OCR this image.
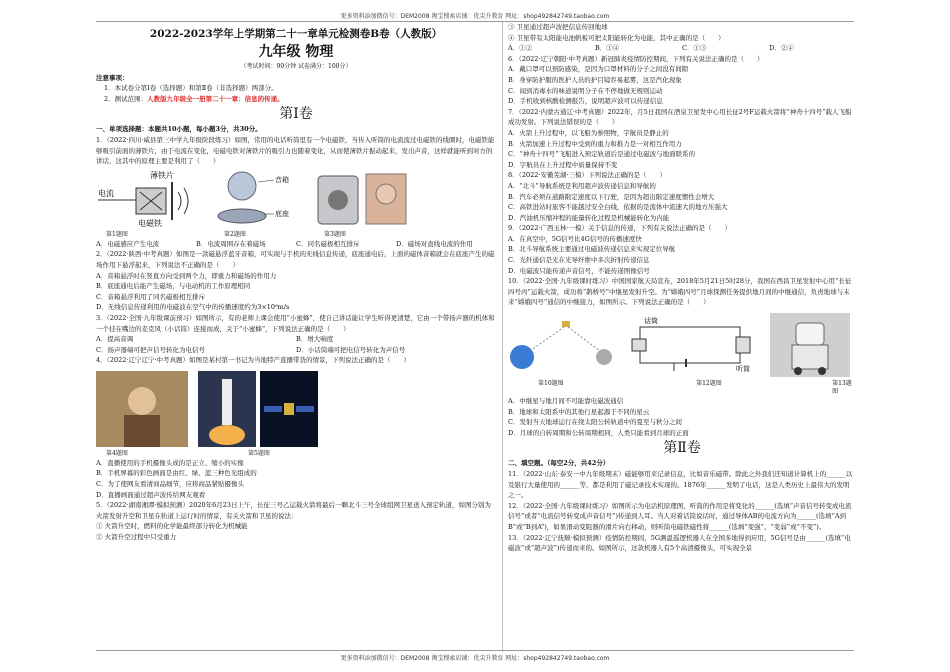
更多资料添加微信号：DEM2008 淘宝搜索店铺：优尖升教育 网址：shop492842749.taobao.com
更多资料添加微信号：DEM2008 淘宝搜索店铺：优尖升教育 网址：shop492842749.taobao.com

2022-2023学年上学期第二十一章单元检测卷B卷（人教版）

九年级 物理

（考试时间：90分钟 试卷满分：100分）

注意事项：

1．本试卷分第Ⅰ卷（选择题）和第Ⅱ卷（非选择题）两部分。

2．测试范围：人教版九年级全一册第二十一章：信息的传递。

第Ⅰ卷

一、单项选择题：本题共10小题，每小题3分，共30分。

1．（2022·四川·威县第三中学九年级阶段练习）如图，常用的电话听筒里有一个电磁铁，当传入听筒的电流流过电磁铁的线圈时，电磁铁能够吸引前面的薄铁片，由于电流在变化，电磁电铁对薄铁片的吸引力也随着变化，从而使薄铁片振动起来，发出声音，这样就能听到对方的讲话，这其中的原理主要是利用了（　　）

电流
薄铁片
电磁铁
音箱
底座
第1题图	第2题图	第3题图
A．电磁感应产生电流	B．电流周围存在着磁场	C．同名磁极相互排斥	D．磁场对直线电流的作用

2．（2022·陕西·中考真题）如图是一款磁悬浮蓝牙音箱，可实现与手机的无线信息传递，底座通电后，上面的磁体音箱就会在底座产生的磁场作用下悬浮起来，下列说法不正确的是（　　）

A．音箱悬浮时在竖直方向受到两个力，即重力和磁场的作用力

B．底座通电后能产生磁场，与电动机的工作原理相同

C．音箱悬浮利用了同名磁极相互排斥

D．无线信息传递利用的电磁波在空气中的传播速度约为3×10⁸m/s

3．（2022·全国·九年级课前预习）如图所示，有的老师上课会使用“小蜜蜂”，使自己讲话能让学生听得更清楚，它由一个带扬声器的机体和一个挂在嘴边的麦克风（小话筒）连接而成，关于“小蜜蜂”，下列说法正确的是（　　）

A．提高音调	B．增大响度
C．扬声器端可把声信号转化为电信号	D．小话筒端可把电信号转化为声信号

4．（2022·辽宁辽宁·中考真题）如图是某村第一书记为当地特产直播带货的情景，下列说法正确的是（　　）

第4题图	第5题图

A．直播使用的手机摄像头成的是正立、缩小的实像

B．手机屏幕的彩色画面是由红、绿、蓝三种色光组成的

C．为了使网友看清商品细节，应将商品紧贴摄像头

D．直播画面通过超声波传给网友观看

5．（2022·湖南湘潭·模拟预测）2020年6月23日上午，长征三号乙运载火箭将最后一颗北斗三号全球组网卫星送入预定轨道，如图分别为火箭发射升空和卫星在轨道上运行时的情景，有关火箭和卫星的说法：

① 火箭升空时，燃料的化学能最终部分转化为机械能

② 火箭升空过程中只受重力

③ 卫星通过超声波把信息传回地球

④ 卫星带有太阳能电池帆板可把太阳能转化为电能，其中正确的是（　　）

A．①②	B．①④	C．①③	D．②④

6．（2022·辽宁朝阳·中考真题）新冠肺炎疫情防控期间，下列有关说法正确的是（　　）

A．戴口罩可以预防感染，是因为口罩材料的分子之间没有间隙

B．身穿防护服的医护人员的护目镜容易起雾，这是汽化现象

C．闻到消毒水的味道说明分子在不停地做无规则运动

D．手机收到核酸检测报告，说明超声波可以传递信息

7．（2022·内蒙古通辽·中考真题）2022年，月5日我国在酒泉卫星发中心用长征2号F运载火箭将“神舟十四号”载人飞船成功发射。下列说法错误的是（　　）

A．火箭上升过程中，以飞船为参照物，宇航员是静止的

B．火箭加速上升过程中受到的重力和推力是一对相互作用力

C．“神舟十四号”飞船进入预定轨道后是通过电磁波与地面联系的

D．宇航员在上升过程中质量保持不变

8．（2022·安徽芜湖·三模）下列说法正确的是（　　）

A．“北斗”导航系统是利用超声波传递信息和导航的

B．汽车必须在道路限定速度以下行驶，是因为超出限定速度惯性会增大

C．高铁进站时旅客不能越过安全白线，依据的是流体中流速大的地方压强大

D．汽油机压缩冲程的能量转化过程是机械能转化为内能

9．（2022·广西玉林·一模）关于信息的传递，下列有关说法正确的是（　　）

A．在真空中，5G信号比4G信号的传播速度快

B．北斗导航系统主要通过电磁波传递信息来实现定位导航

C．光纤通信是光在光导纤维中多次折射传递信息

D．电磁波只能传递声音信号，不能传递图像信号

10．（2022·全国·九年级课时练习）中国国家航天局宣布，2018年5月21日5时28分，我国在西昌卫星发射中心用“长征四号丙”运载火箭，成功将“鹊桥号”中继星发射升空。为“嫦娥四号”月球探测任务提供地月间的中继通信，负责地球与未来“嫦娥四号”通信的中继接力，如图所示。下列说法正确的是（　　）

话筒
听筒
第10题图	第12题图	第13题图

A．中继星与地月间不可能靠电磁波通信

B．地球和太阳系中的其他行星起源于不同的星云

C．发射当天地球运行在绕太阳公转轨道中的夏至与秋分之间

D．月球的自转周期和公转周期相同，人类只能看到月球的正面

第Ⅱ卷

二、填空题。（每空2分，共42分）

11．（2022·山东·泰安一中九年级期末）磁能够用来记录信息，比如音乐磁带。除此之外我们还知道计算机上的______以及银行大量使用的______等，都是利用了磁记录技术实现的。1876年______发明了电话，这是人类历史上最伟大的发明之一。

12．（2022·全国·九年级课时练习）如图所示为电话机原理图，听筒的作用是将变化的______(选填“声音信号转变成电流信号”或者“电流信号转变成声音信号”)传递到人耳。当人对着话筒说话时，通过导体AB的电流方向为______(选填“A到B”或“B到A”)，如果滑动变阻器的滑片向右移动，则听筒电磁铁磁性将______(选填“变强”、“变弱”或“不变”)。

13．（2022·辽宁抚顺·模拟预测）疫情防控期间，5G测温巡逻机器人在全国多地得到应用，5G信号是由______(选填“电磁波”或“超声波”)传递而来的。如图所示，这款机器人有5个高清摄像头，可实现全景
